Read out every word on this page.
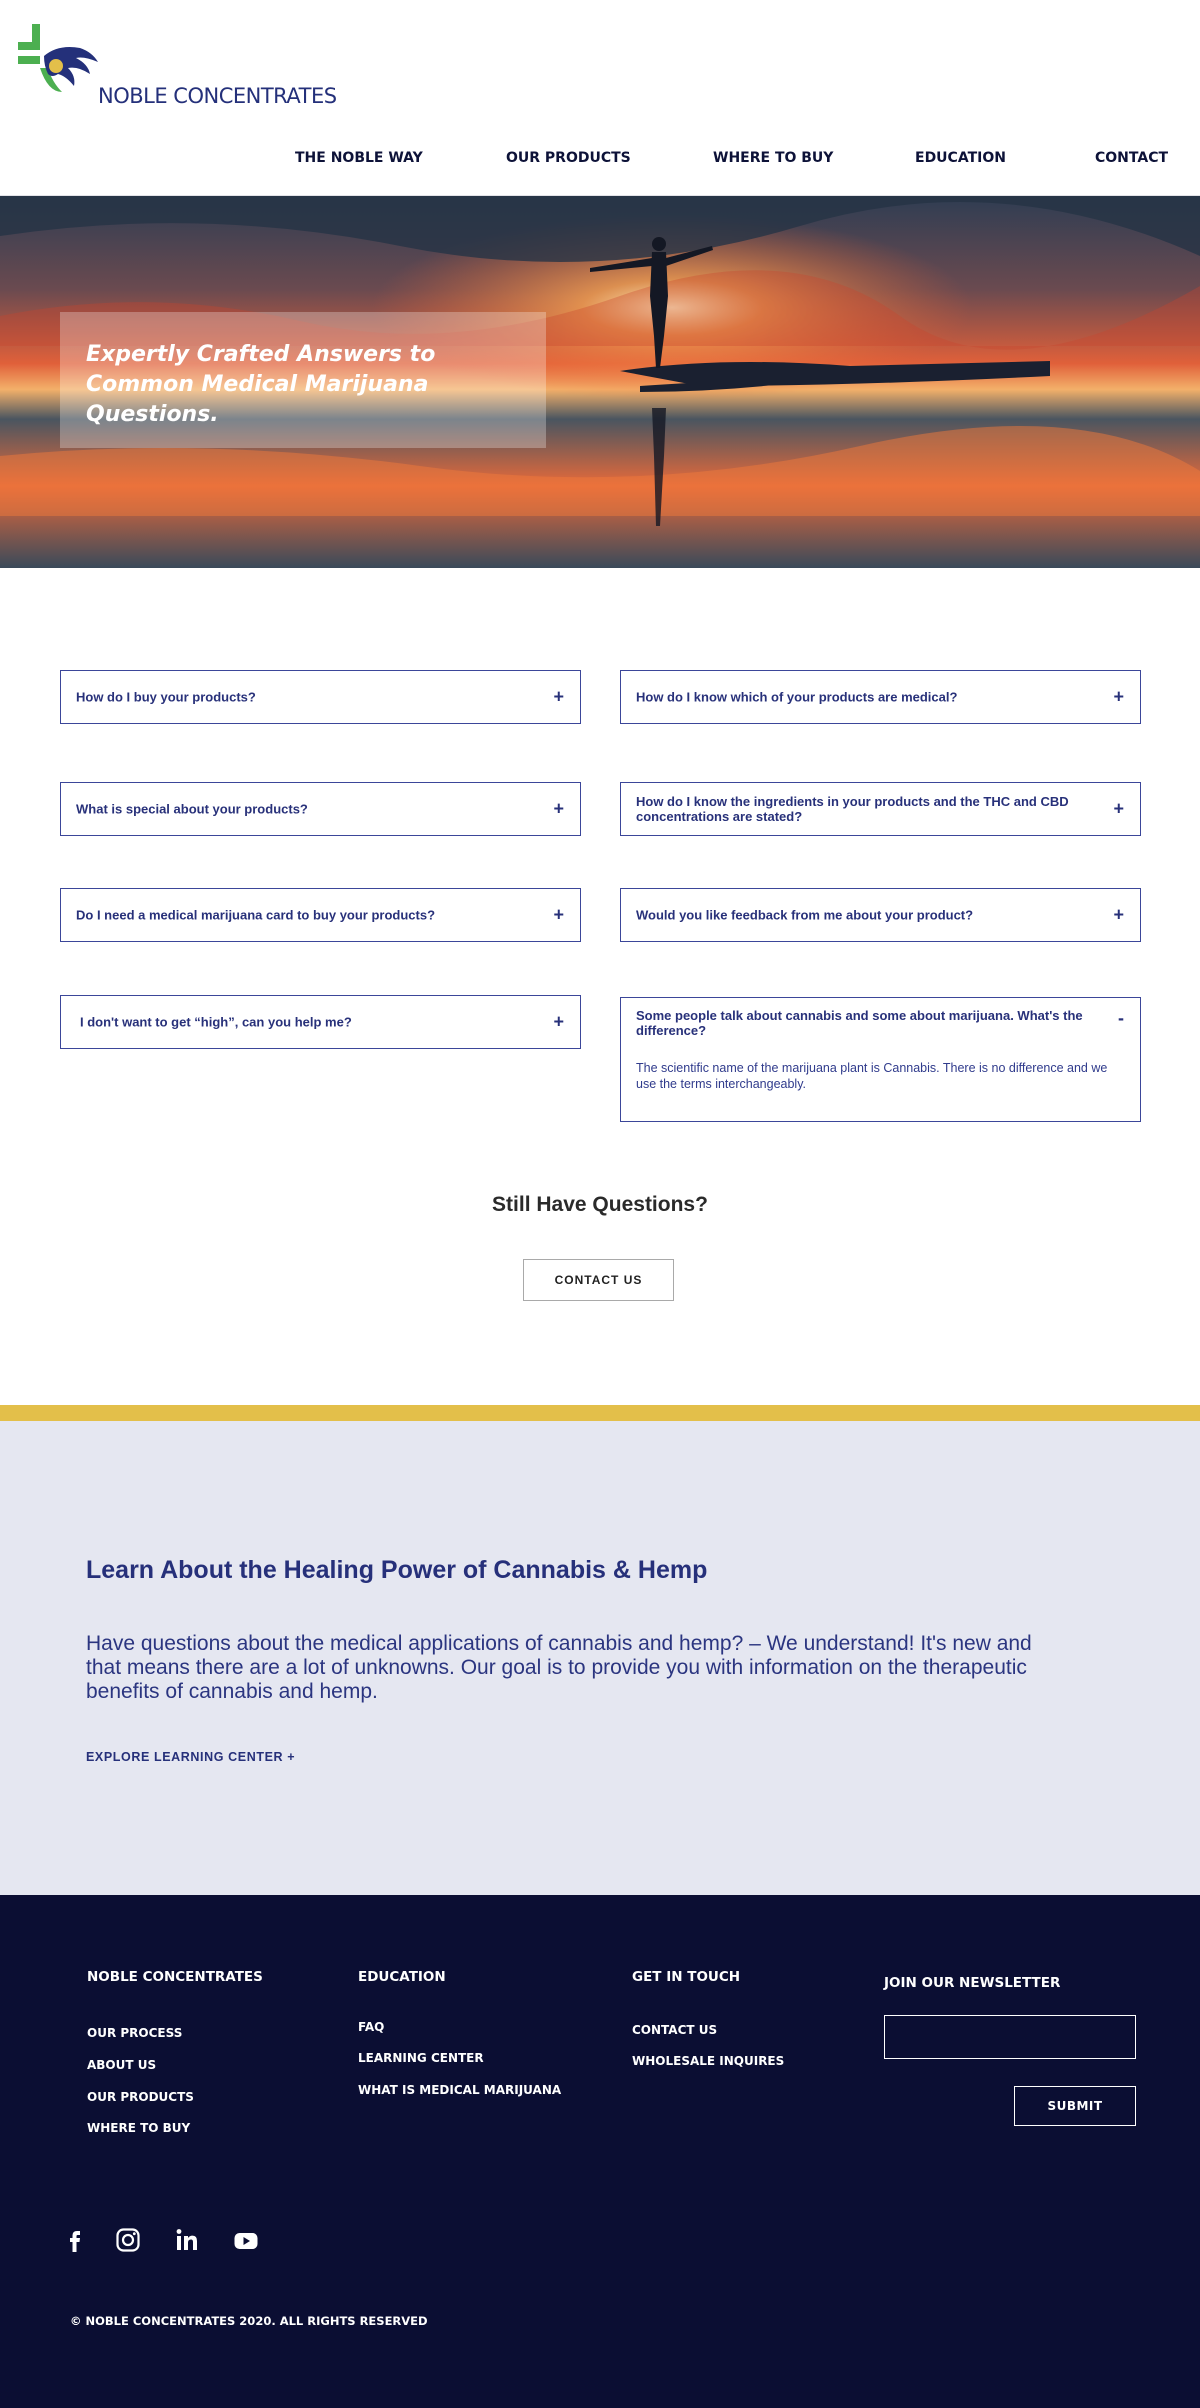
NOBLE CONCENTRATES
THE NOBLE WAY	OUR PRODUCTS	WHERE TO BUY	EDUCATION	CONTACT
Expertly Crafted Answers to Common Medical Marijuana Questions.
How do I buy your products?	+	How do I know which of your products are medical?	+
What is special about your products?	+	How do I know the ingredients in your products and the THC and CBD concentrations are stated?	+
Do I need a medical marijuana card to buy your products?	+	Would you like feedback from me about your product?	+
I don't want to get “high”, can you help me?	+	Some people talk about cannabis and some about marijuana. What's the difference?
-
The scientific name of the marijuana plant is Cannabis. There is no difference and we use the terms interchangeably.
Still Have Questions?
CONTACT US
Learn About the Healing Power of Cannabis & Hemp
Have questions about the medical applications of cannabis and hemp? – We understand! It's new and that means there are a lot of unknowns. Our goal is to provide you with information on the therapeutic benefits of cannabis and hemp.
EXPLORE LEARNING CENTER +
NOBLE CONCENTRATES
OUR PROCESS
ABOUT US
OUR PRODUCTS
WHERE TO BUY
EDUCATION
FAQ
LEARNING CENTER
WHAT IS MEDICAL MARIJUANA
GET IN TOUCH
CONTACT US
WHOLESALE INQUIRES
JOIN OUR NEWSLETTER
SUBMIT
© NOBLE CONCENTRATES 2020. ALL RIGHTS RESERVED
